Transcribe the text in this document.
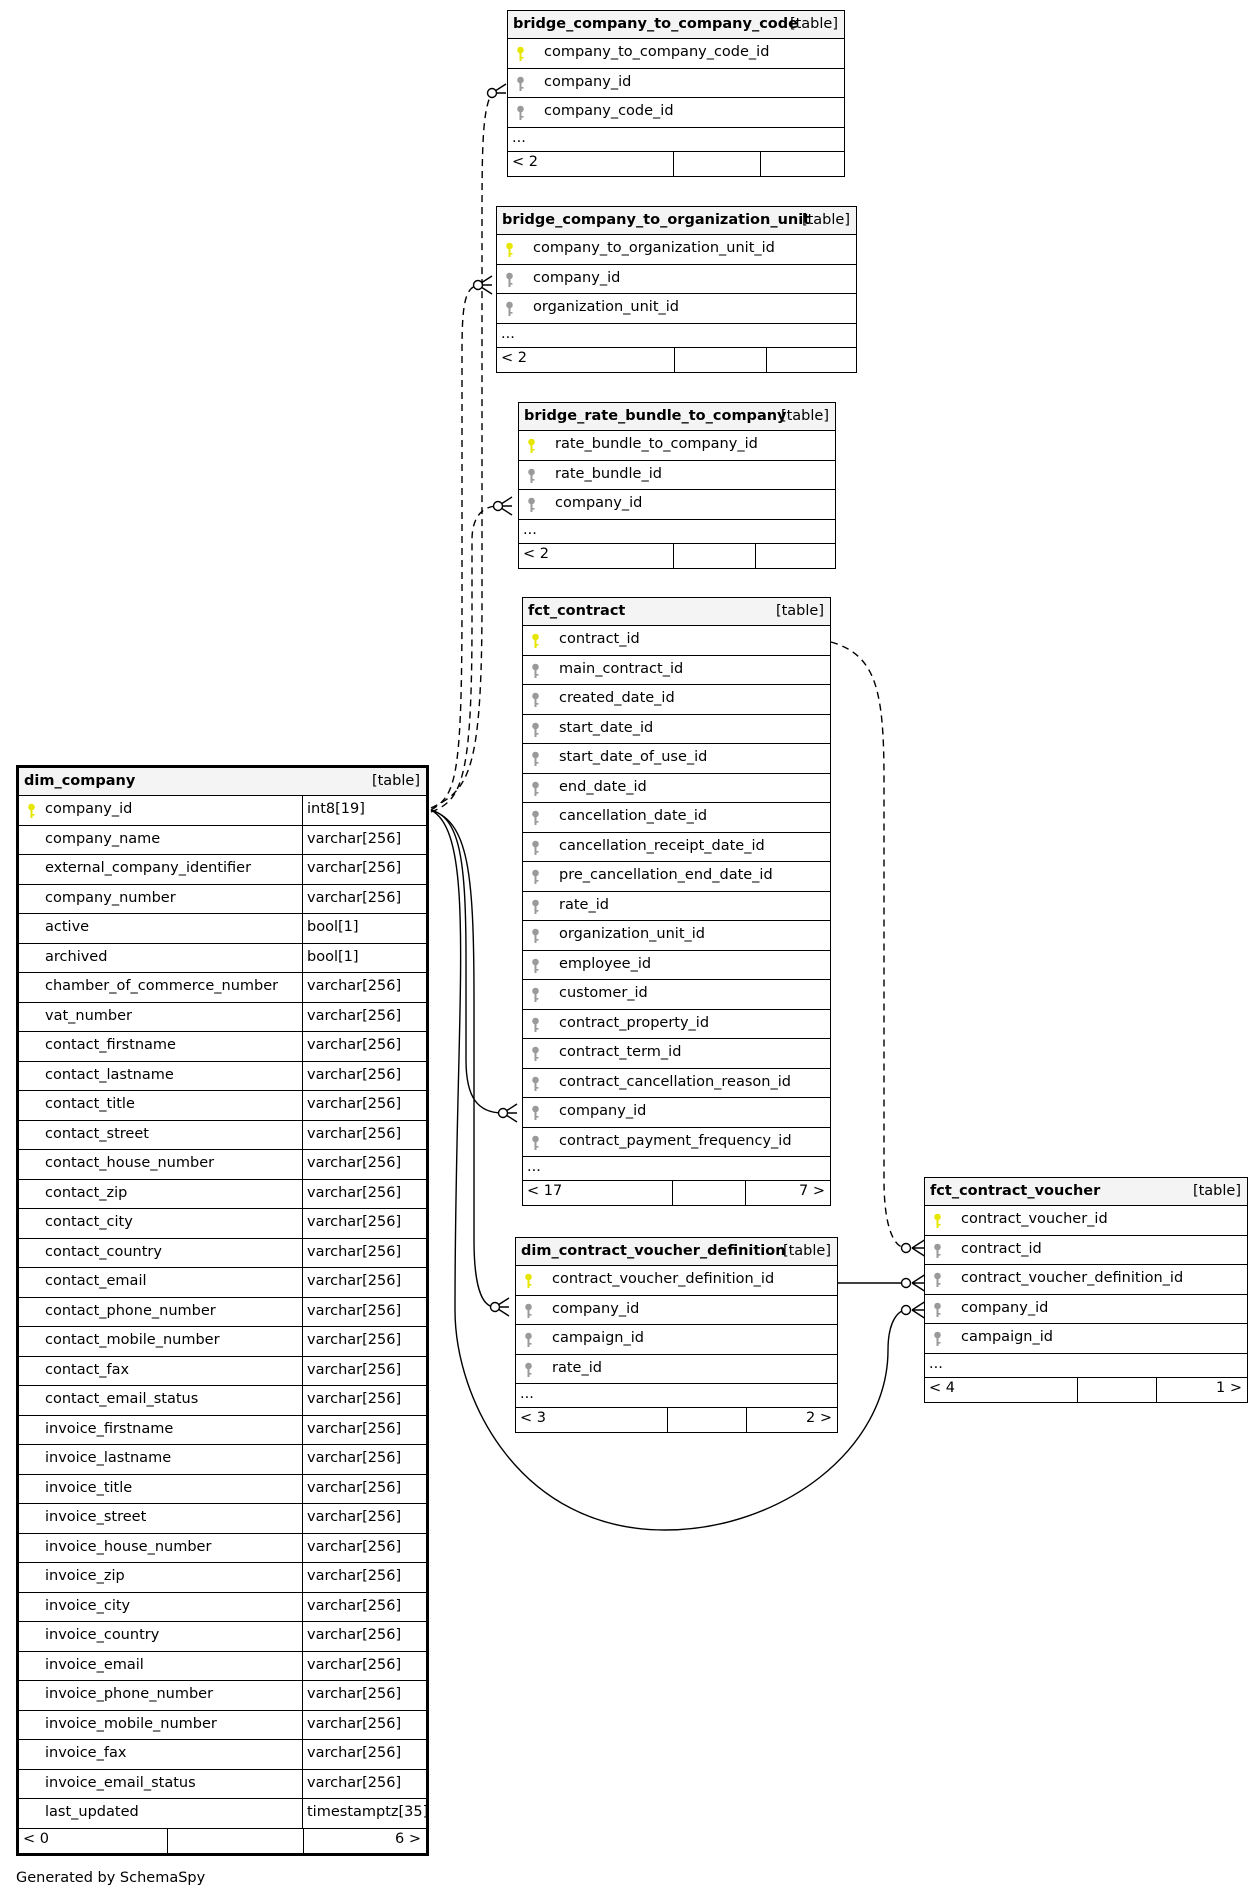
bridge_company_to_company_code
[table]
company_to_company_code_id
company_id
company_code_id
...
< 2
bridge_company_to_organization_unit
[table]
company_to_organization_unit_id
company_id
organization_unit_id
...
< 2
bridge_rate_bundle_to_company
[table]
rate_bundle_to_company_id
rate_bundle_id
company_id
...
< 2
fct_contract	[table]
contract_id
main_contract_id
created_date_id
start_date_id
start_date_of_use_id
end_date_id
cancellation_date_id
cancellation_receipt_date_id
pre_cancellation_end_date_id
rate_id
organization_unit_id
employee_id
customer_id
contract_property_id
contract_term_id
contract_cancellation_reason_id
company_id
contract_payment_frequency_id
...
< 17	7 >
dim_contract_voucher_definition
[table]
contract_voucher_definition_id
company_id
campaign_id
rate_id
...
< 3	2 >
fct_contract_voucher	[table]
contract_voucher_id
contract_id
contract_voucher_definition_id
company_id
campaign_id
...
< 4	1 >
dim_company	[table]
company_id	int8[19]
company_name	varchar[256]
external_company_identifier	varchar[256]
company_number	varchar[256]
active	bool[1]
archived	bool[1]
chamber_of_commerce_number	varchar[256]
vat_number	varchar[256]
contact_firstname	varchar[256]
contact_lastname	varchar[256]
contact_title	varchar[256]
contact_street	varchar[256]
contact_house_number	varchar[256]
contact_zip	varchar[256]
contact_city	varchar[256]
contact_country	varchar[256]
contact_email	varchar[256]
contact_phone_number	varchar[256]
contact_mobile_number	varchar[256]
contact_fax	varchar[256]
contact_email_status	varchar[256]
invoice_firstname	varchar[256]
invoice_lastname	varchar[256]
invoice_title	varchar[256]
invoice_street	varchar[256]
invoice_house_number	varchar[256]
invoice_zip	varchar[256]
invoice_city	varchar[256]
invoice_country	varchar[256]
invoice_email	varchar[256]
invoice_phone_number	varchar[256]
invoice_mobile_number	varchar[256]
invoice_fax	varchar[256]
invoice_email_status	varchar[256]
last_updated	timestamptz[35]
< 0	6 >
Generated by SchemaSpy
